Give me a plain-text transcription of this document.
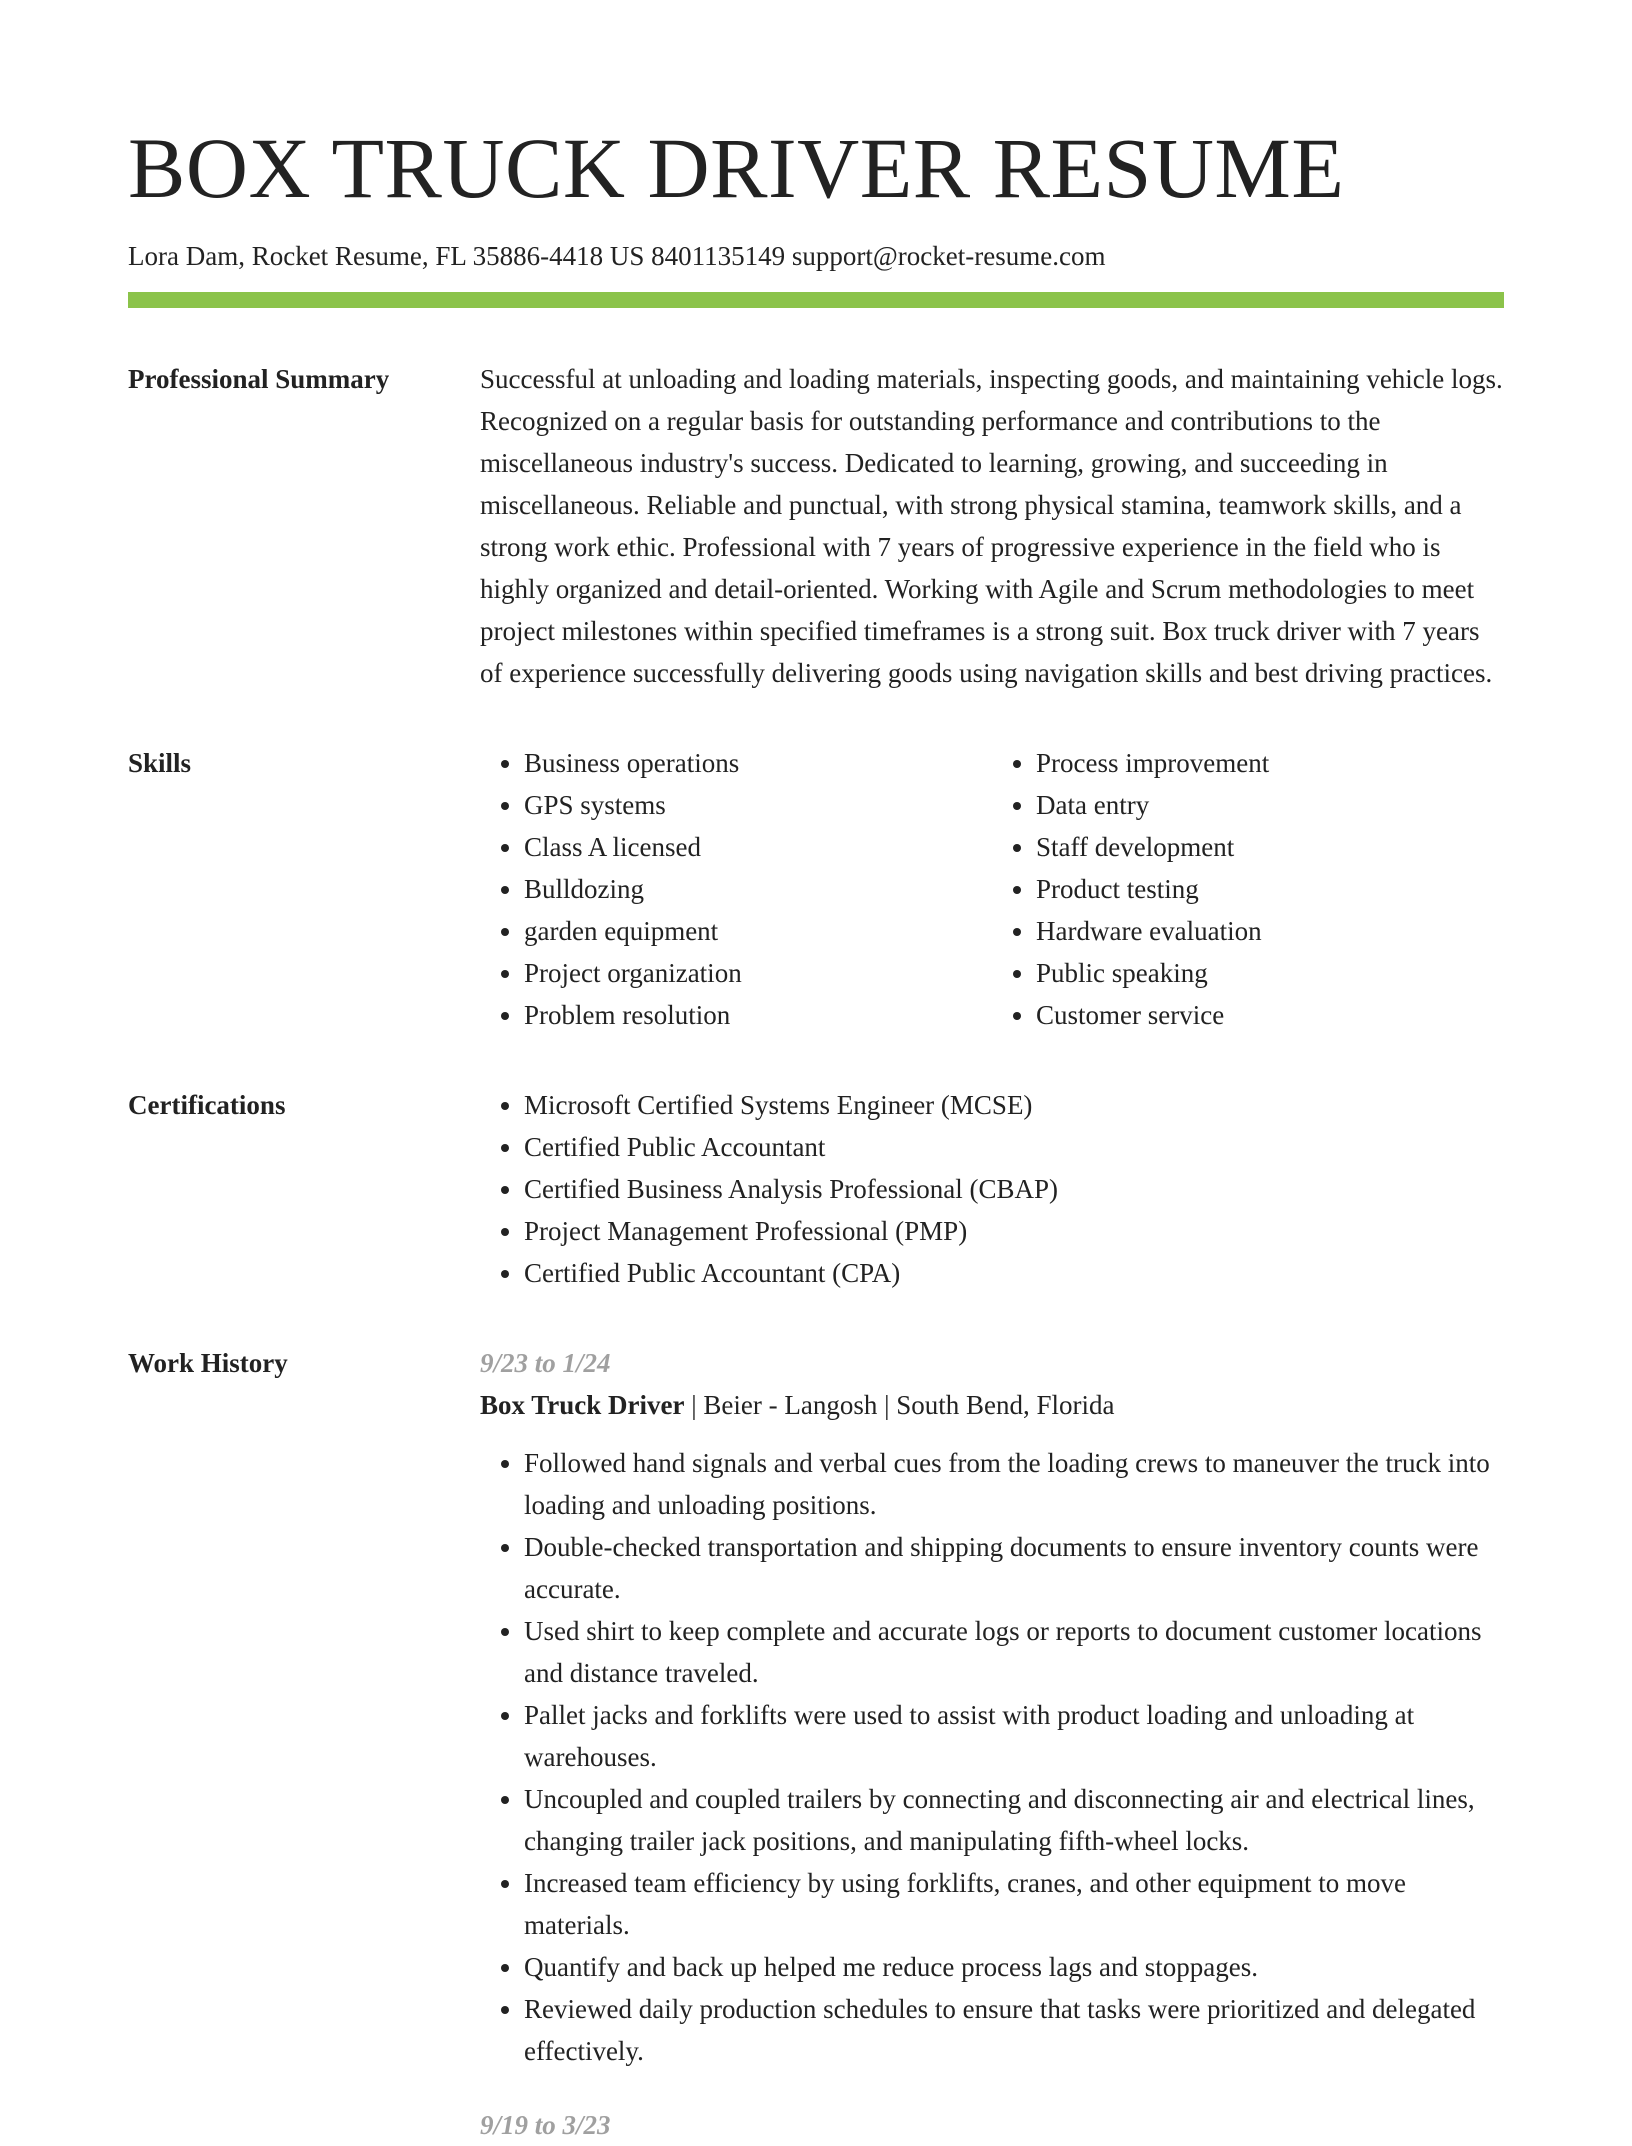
BOX TRUCK DRIVER RESUME
Lora Dam, Rocket Resume, FL 35886-4418 US 8401135149 support@rocket-resume.com
Professional Summary	Successful at unloading and loading materials, inspecting goods, and maintaining vehicle logs. Recognized on a regular basis for outstanding performance and contributions to the miscellaneous industry's success. Dedicated to learning, growing, and succeeding in miscellaneous. Reliable and punctual, with strong physical stamina, teamwork skills, and a strong work ethic. Professional with 7 years of progressive experience in the field who is highly organized and detail-oriented. Working with Agile and Scrum methodologies to meet project milestones within specified timeframes is a strong suit. Box truck driver with 7 years of experience successfully delivering goods using navigation skills and best driving practices.

Skills	• Business operations
• GPS systems
• Class A licensed
• Bulldozing
• garden equipment
• Project organization
• Problem resolution
• Process improvement
• Data entry
• Staff development
• Product testing
• Hardware evaluation
• Public speaking
• Customer service
Certifications	• Microsoft Certified Systems Engineer (MCSE)
• Certified Public Accountant
• Certified Business Analysis Professional (CBAP)
• Project Management Professional (PMP)
• Certified Public Accountant (CPA)
Work History	9/23 to 1/24
Box Truck Driver | Beier - Langosh | South Bend, Florida
• Followed hand signals and verbal cues from the loading crews to maneuver the truck into loading and unloading positions.
• Double-checked transportation and shipping documents to ensure inventory counts were accurate.
• Used shirt to keep complete and accurate logs or reports to document customer locations and distance traveled.
• Pallet jacks and forklifts were used to assist with product loading and unloading at warehouses.
• Uncoupled and coupled trailers by connecting and disconnecting air and electrical lines, changing trailer jack positions, and manipulating fifth-wheel locks.
• Increased team efficiency by using forklifts, cranes, and other equipment to move materials.
• Quantify and back up helped me reduce process lags and stoppages.
• Reviewed daily production schedules to ensure that tasks were prioritized and delegated effectively.
9/19 to 3/23
